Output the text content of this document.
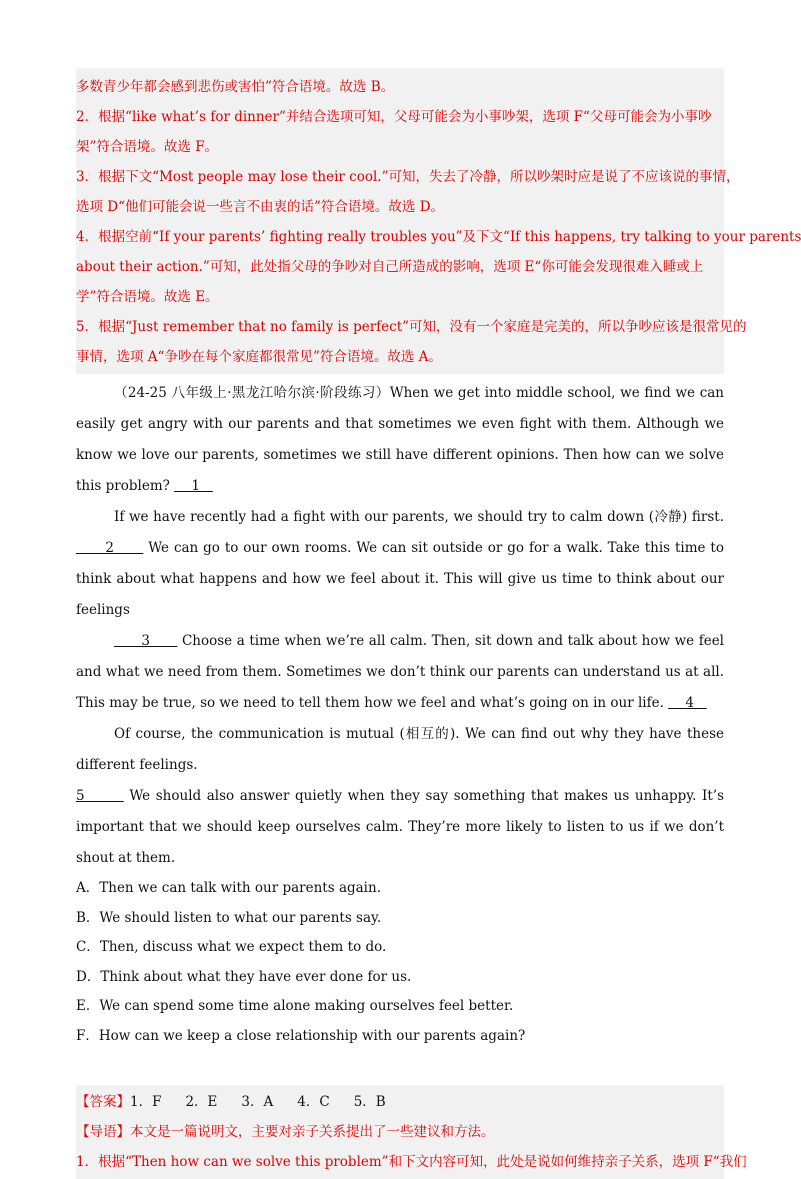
多数青少年都会感到悲伤或害怕”符合语境。故选 B。
2．根据“like what’s for dinner”并结合选项可知，父母可能会为小事吵架，选项 F“父母可能会为小事吵
架”符合语境。故选 F。
3．根据下文“Most people may lose their cool.”可知，失去了冷静，所以吵架时应是说了不应该说的事情，
选项 D“他们可能会说一些言不由衷的话”符合语境。故选 D。
4．根据空前“If your parents’ fighting really troubles you”及下文“If this happens, try talking to your parents
about their action.”可知，此处指父母的争吵对自己所造成的影响，选项 E“你可能会发现很难入睡或上
学”符合语境。故选 E。
5．根据“Just remember that no family is perfect”可知，没有一个家庭是完美的，所以争吵应该是很常见的
事情，选项 A“争吵在每个家庭都很常见”符合语境。故选 A。

（24-25 八年级上·黑龙江哈尔滨·阶段练习）When we get into middle school, we find we can easily get angry with our parents and that sometimes we even fight with them. Although we know we love our parents, sometimes we still have different opinions. Then how can we solve this problem?     1

If we have recently had a fight with our parents, we should try to calm down (冷静) first.       2       We can go to our own rooms. We can sit outside or go for a walk. Take this time to think about what happens and how we feel about it. This will give us time to think about our feelings

3       Choose a time when we’re all calm. Then, sit down and talk about how we feel and what we need from them. Sometimes we don’t think our parents can understand us at all. This may be true, so we need to tell them how we feel and what’s going on in our life.     4

Of course, the communication is mutual (相互的). We can find out why they have these different feelings.

5        We should also answer quietly when they say something that makes us unhappy. It’s important that we should keep ourselves calm. They’re more likely to listen to us if we don’t shout at them.

A．Then we can talk with our parents again.
B．We should listen to what our parents say.
C．Then, discuss what we expect them to do.
D．Think about what they have ever done for us.
E．We can spend some time alone making ourselves feel better.
F．How can we keep a close relationship with our parents again?
【答案】1．F 2．E 3．A 4．C 5．B
【导语】本文是一篇说明文，主要对亲子关系提出了一些建议和方法。
1．根据“Then how can we solve this problem”和下文内容可知，此处是说如何维持亲子关系，选项 F“我们
